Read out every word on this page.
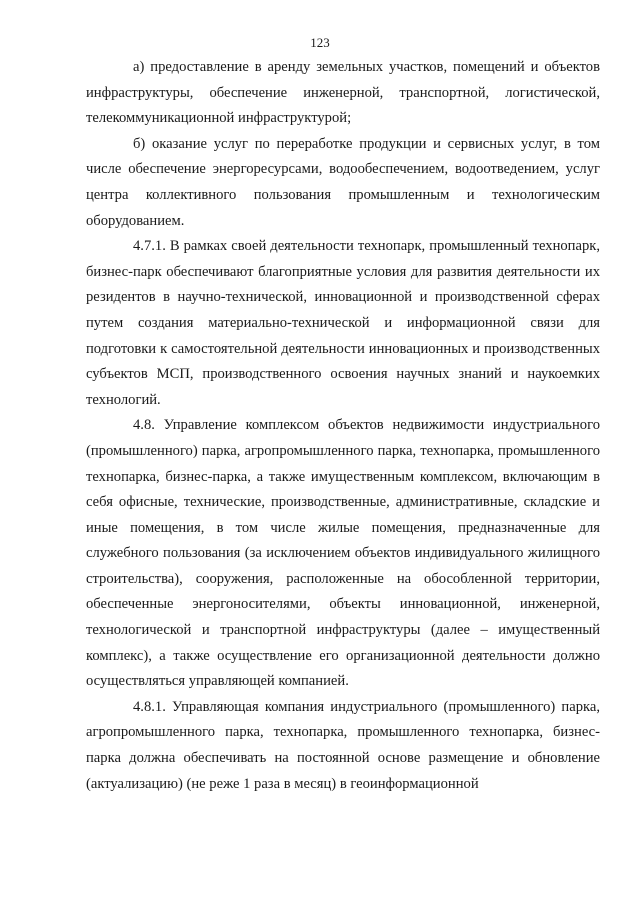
123

а) предоставление в аренду земельных участков, помещений и объектов инфраструктуры, обеспечение инженерной, транспортной, логистической, телекоммуникационной инфраструктурой;

б) оказание услуг по переработке продукции и сервисных услуг, в том числе обеспечение энергоресурсами, водообеспечением, водоотведением, услуг центра коллективного пользования промышленным и технологическим оборудованием.

4.7.1. В рамках своей деятельности технопарк, промышленный технопарк, бизнес-парк обеспечивают благоприятные условия для развития деятельности их резидентов в научно-технической, инновационной и производственной сферах путем создания материально-технической и информационной связи для подготовки к самостоятельной деятельности инновационных и производственных субъектов МСП, производственного освоения научных знаний и наукоемких технологий.

4.8. Управление комплексом объектов недвижимости индустриального (промышленного) парка, агропромышленного парка, технопарка, промышленного технопарка, бизнес-парка, а также имущественным комплексом, включающим в себя офисные, технические, производственные, административные, складские и иные помещения, в том числе жилые помещения, предназначенные для служебного пользования (за исключением объектов индивидуального жилищного строительства), сооружения, расположенные на обособленной территории, обеспеченные энергоносителями, объекты инновационной, инженерной, технологической и транспортной инфраструктуры (далее – имущественный комплекс), а также осуществление его организационной деятельности должно осуществляться управляющей компанией.

4.8.1. Управляющая компания индустриального (промышленного) парка, агропромышленного парка, технопарка, промышленного технопарка, бизнес-парка должна обеспечивать на постоянной основе размещение и обновление (актуализацию) (не реже 1 раза в месяц) в геоинформационной
